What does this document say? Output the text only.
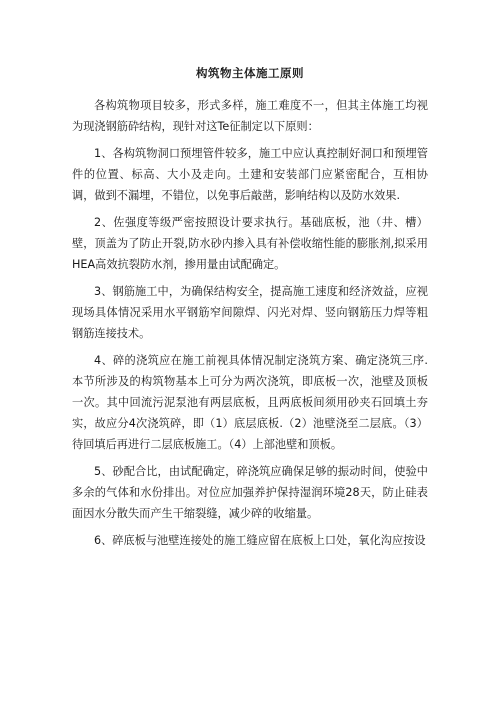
构筑物主体施工原则

各构筑物项目较多，形式多样，施工难度不一，但其主体施工均视为现浇钢筋砕结构，现针对这Te征制定以下原则：

1、各构筑物洞口预埋管件较多，施工中应认真控制好洞口和预埋管件的位置、标高、大小及走向。土建和安装部门应紧密配合，互相协调，做到不漏埋，不错位，以免事后敲凿，影响结构以及防水效果.

2、佐强度等级严密按照设计要求执行。基础底板，池（井、槽）壁，顶盖为了防止开裂,防水砂内掺入具有补偿收缩性能的膨胀剂,拟采用HEA高效抗裂防水剂，掺用量由试配确定。

3、钢筋施工中，为确保结构安全，提高施工速度和经济效益，应视现场具体情况采用水平钢筋窄间隙焊、闪光对焊、竖向钢筋压力焊等粗钢筋连接技术。

4、碎的浇筑应在施工前视具体情况制定浇筑方案、确定浇筑三序.本节所涉及的构筑物基本上可分为两次浇筑，即底板一次，池壁及顶板一次。其中回流污泥泵池有两层底板，且两底板间须用砂夹石回填土夯实，故应分4次浇筑碎，即（1）底层底板.（2）池壁浇至二层底。（3）待回填后再进行二层底板施工。（4）上部池壁和顶板。

5、砂配合比，由试配确定，碎浇筑应确保足够的振动时间，使验中多余的气体和水份排出。对位应加强养护保持湿润环境28天，防止硅表面因水分散失而产生干缩裂缝，减少碎的收缩量。

6、碎底板与池壁连接处的施工缝应留在底板上口处，氧化沟应按设
